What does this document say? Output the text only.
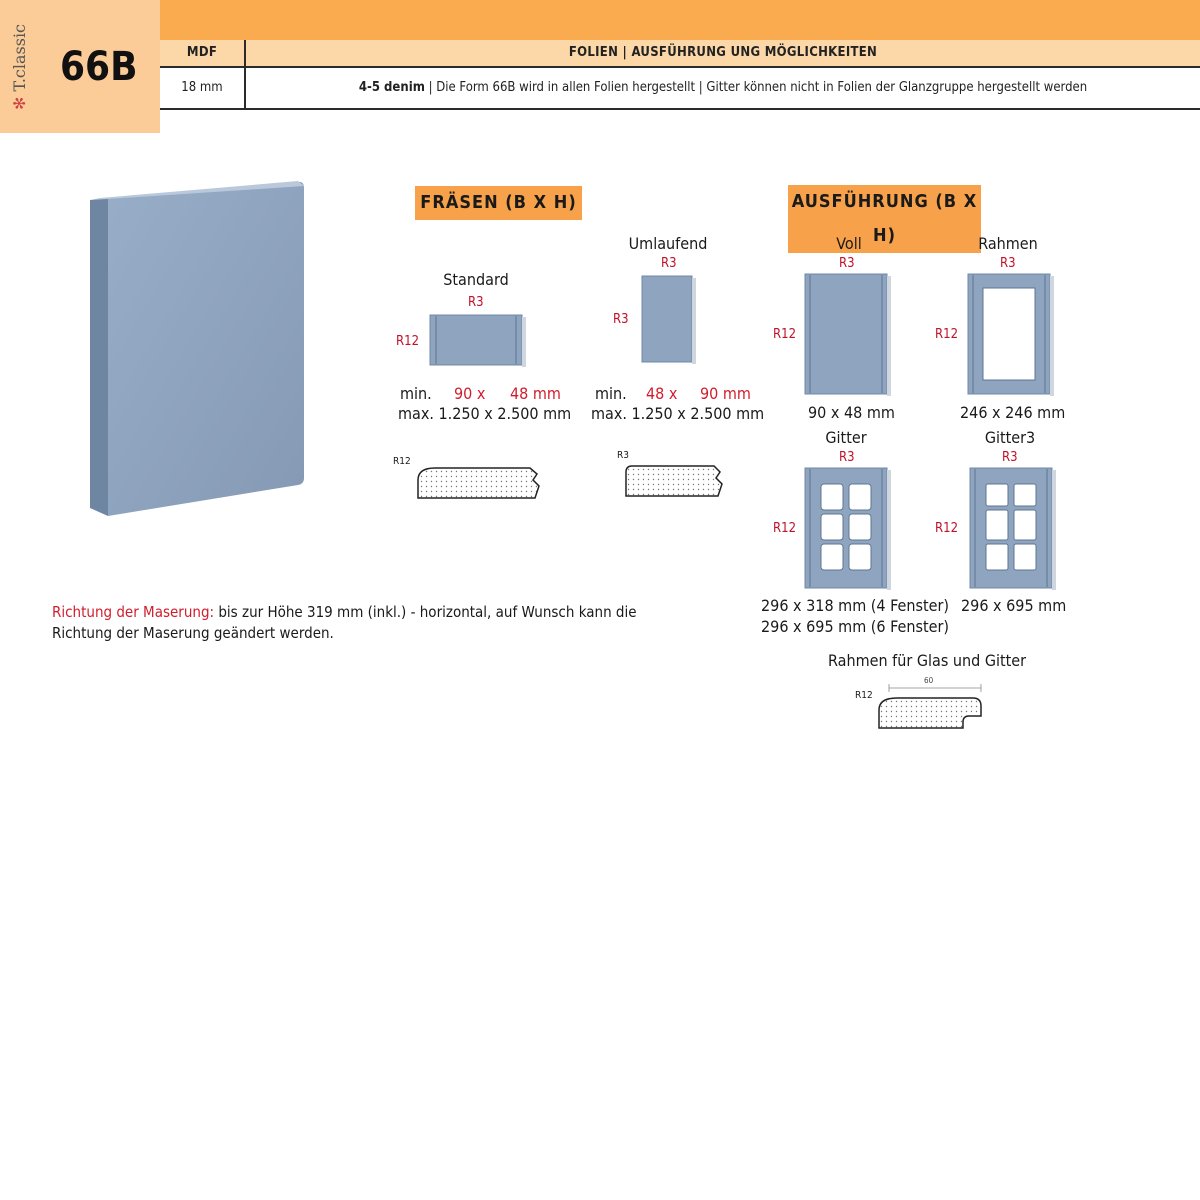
✻ T.classic 66B	MDF	FOLIEN | AUSFÜHRUNG UNG MÖGLICHKEITEN
18 mm	4-5 denim | Die Form 66B wird in allen Folien hergestellt | Gitter können nicht in Folien der Glanzgruppe hergestellt werden
FRÄSEN (B X H)	AUSFÜHRUNG (B X H)
Standard
R3
R12
min. 90 x 48 mm
max. 1.250 x 2.500 mm
R12
Umlaufend
R3
R3
min. 48 x 90 mm
max. 1.250 x 2.500 mm
R3
Voll
R3
R12
90 x 48 mm
Rahmen
R3
R12
246 x 246 mm
Gitter
R3
R12
296 x 318 mm (4 Fenster)
296 x 695 mm (6 Fenster)
Gitter3
R3
R12
296 x 695 mm
Rahmen für Glas und Gitter
R12
60
Richtung der Maserung: bis zur Höhe 319 mm (inkl.) - horizontal, auf Wunsch kann die Richtung der Maserung geändert werden.
